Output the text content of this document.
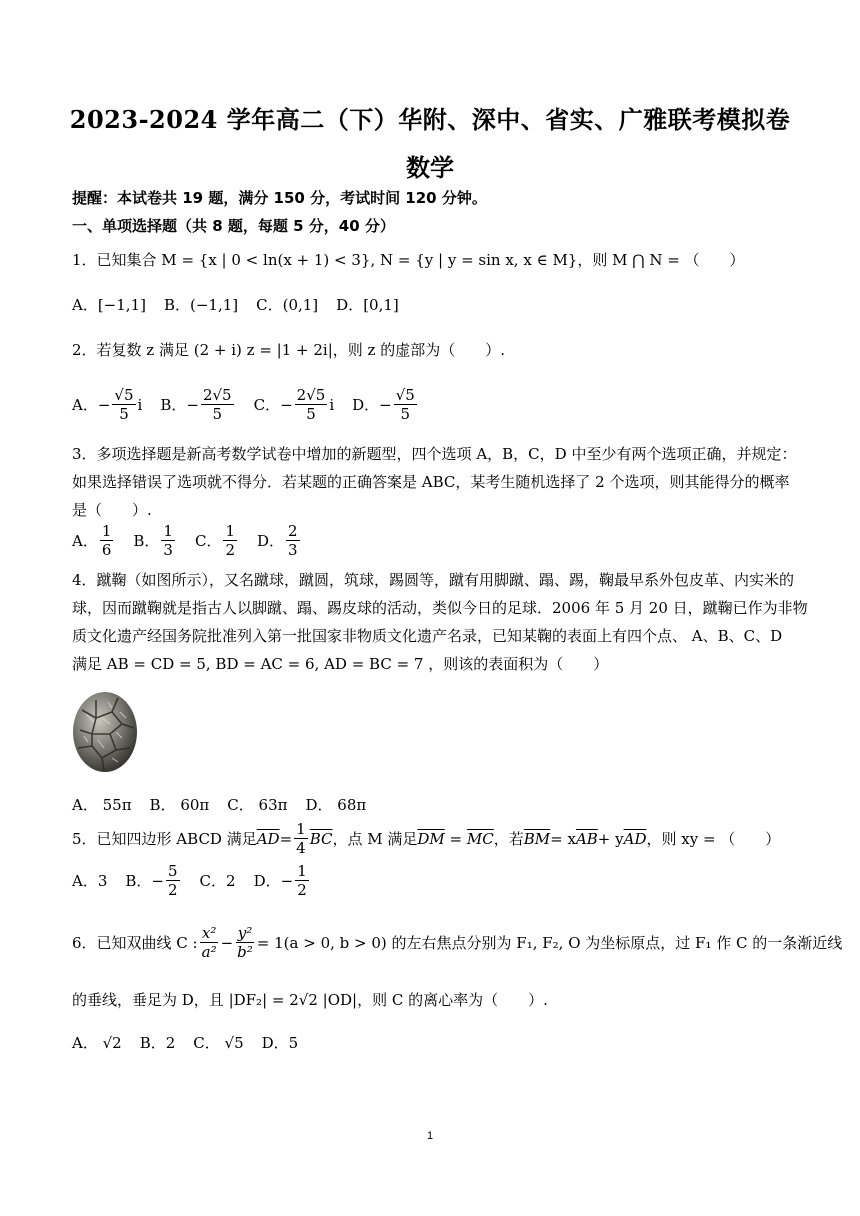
2023-2024 学年高二（下）华附、深中、省实、广雅联考模拟卷
数学
提醒：本试卷共 19 题，满分 150 分，考试时间 120 分钟。
一、单项选择题（共 8 题，每题 5 分，40 分）
1．已知集合 M = {x | 0 < ln(x + 1) < 3}, N = {y | y = sin x, x ∈ M}，则 M ⋂ N = （　　）
A．[−1,1] B．(−1,1] C．(0,1] D．[0,1]
2．若复数 z 满足 (2 + i) z = |1 + 2i|，则 z 的虚部为（　　）.
A． − $\frac{√5}{5}$ i B． − $\frac{2√5}{5}$ C． − $\frac{2√5}{5}$ i D． − $\frac{√5}{5}$
3．多项选择题是新高考数学试卷中增加的新题型，四个选项 A，B，C，D 中至少有两个选项正确，并规定：
如果选择错误了选项就不得分．若某题的正确答案是 ABC，某考生随机选择了 2 个选项，则其能得分的概率
是（　　）.
A． $\frac{1}{6}$ B． $\frac{1}{3}$ C． $\frac{1}{2}$ D． $\frac{2}{3}$
4．蹴鞠（如图所示），又名蹴球，蹴圆，筑球，踢圆等，蹴有用脚蹴、蹋、踢，鞠最早系外包皮革、内实米的
球，因而蹴鞠就是指古人以脚蹴、蹋、踢皮球的活动，类似今日的足球．2006 年 5 月 20 日，蹴鞠已作为非物
质文化遗产经国务院批准列入第一批国家非物质文化遗产名录，已知某鞠的表面上有四个点、 A、B、C、D
满足 AB = CD = 5, BD = AC = 6, AD = BC = 7 ，则该的表面积为（　　）
A． 55π B． 60π C． 63π D． 68π
5．已知四边形 ABCD 满足 $\overline{AD} = \frac{1}{4} \overline{BC}$ ，点 M 满足 $\overline{DM} = \overline{MC}$ ，若 $\overline{BM} = x$ $\overline{AB} + y$ $\overline{AD}$ ，则 xy = （　　）
A．3 B． − $\frac{5}{2}$ C．2 D． − $\frac{1}{2}$
6．已知双曲线 C : $\frac{\text{x²}}{\text{a²}} - \frac{\text{y²}}{\text{b²}} = 1(a > 0$, b > 0) 的左右焦点分别为 F₁, F₂, O 为坐标原点，过 F₁ 作 C 的一条渐近线
的垂线，垂足为 D，且 |DF₂| = 2√2 |OD|，则 C 的离心率为（　　）.
A． √2 B．2 C． √5 D．5
1
